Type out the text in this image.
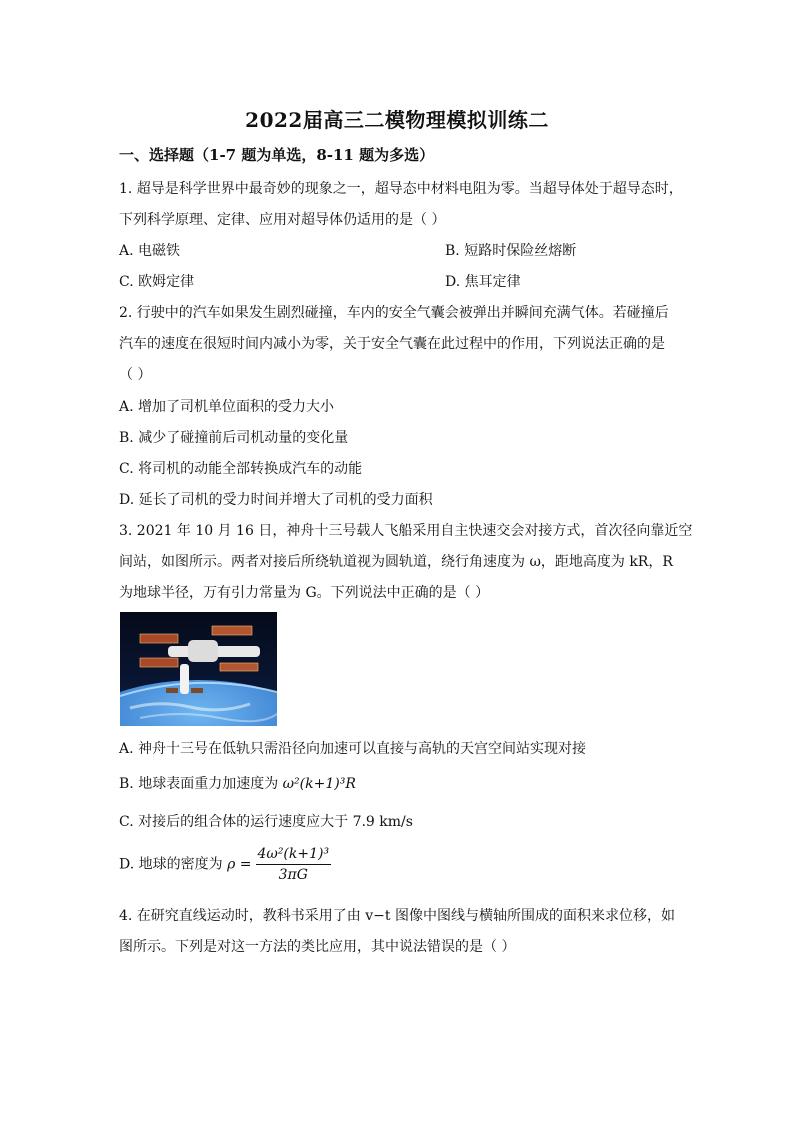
2022届高三二模物理模拟训练二
一、选择题（1-7 题为单选，8-11 题为多选）
1. 超导是科学世界中最奇妙的现象之一，超导态中材料电阻为零。当超导体处于超导态时，
下列科学原理、定律、应用对超导体仍适用的是（ ）
A. 电磁铁	B. 短路时保险丝熔断
C. 欧姆定律	D. 焦耳定律
2. 行驶中的汽车如果发生剧烈碰撞，车内的安全气囊会被弹出并瞬间充满气体。若碰撞后
汽车的速度在很短时间内减小为零，关于安全气囊在此过程中的作用，下列说法正确的是
（ ）
A. 增加了司机单位面积的受力大小
B. 减少了碰撞前后司机动量的变化量
C. 将司机的动能全部转换成汽车的动能
D. 延长了司机的受力时间并增大了司机的受力面积
3. 2021 年 10 月 16 日，神舟十三号载人飞船采用自主快速交会对接方式，首次径向靠近空
间站，如图所示。两者对接后所绕轨道视为圆轨道，绕行角速度为 ω，距地高度为 kR，R
为地球半径，万有引力常量为 G。下列说法中正确的是（ ）
A. 神舟十三号在低轨只需沿径向加速可以直接与高轨的天宫空间站实现对接
B. 地球表面重力加速度为 ω²(k+1)³R
C. 对接后的组合体的运行速度应大于 7.9 km/s
D. 地球的密度为 $\rho = \frac{\text{4ω²(k+1)³}}{3\pi G}$
4. 在研究直线运动时，教科书采用了由 v−t 图像中图线与横轴所围成的面积来求位移，如
图所示。下列是对这一方法的类比应用，其中说法错误的是（ ）
